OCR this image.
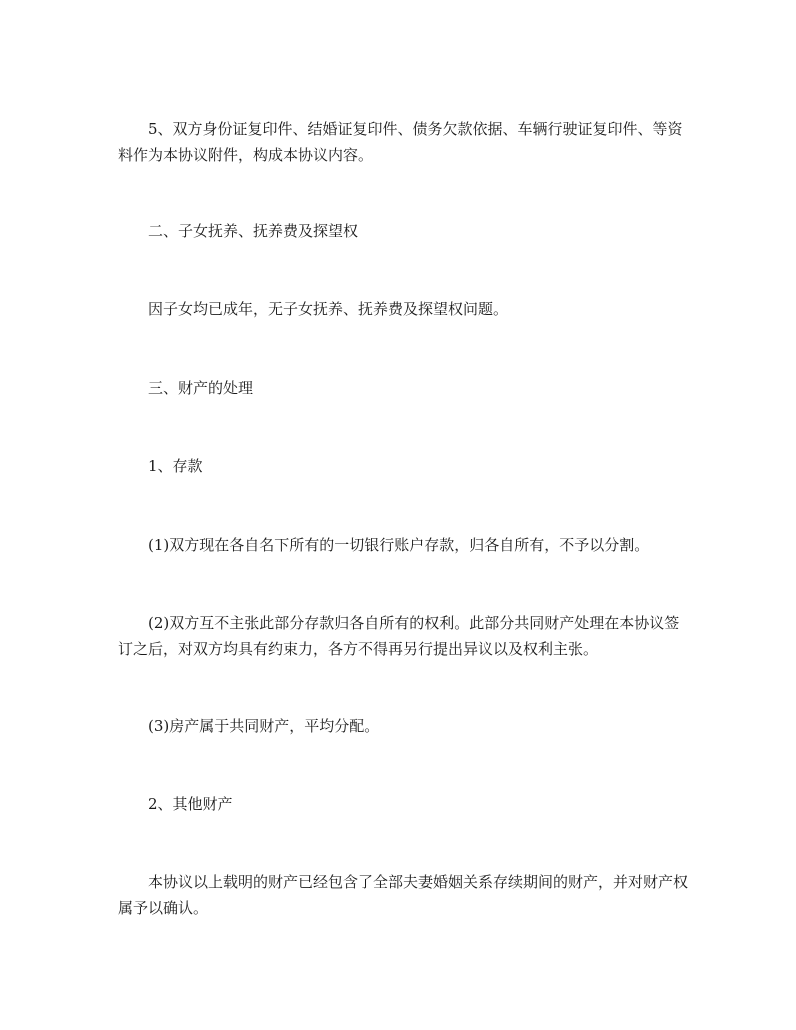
5、双方身份证复印件、结婚证复印件、债务欠款依据、车辆行驶证复印件、等资料作为本协议附件，构成本协议内容。

二、子女抚养、抚养费及探望权

因子女均已成年，无子女抚养、抚养费及探望权问题。

三、财产的处理

1、存款

(1)双方现在各自名下所有的一切银行账户存款，归各自所有，不予以分割。

(2)双方互不主张此部分存款归各自所有的权利。此部分共同财产处理在本协议签订之后，对双方均具有约束力，各方不得再另行提出异议以及权利主张。

(3)房产属于共同财产，平均分配。

2、其他财产

本协议以上载明的财产已经包含了全部夫妻婚姻关系存续期间的财产，并对财产权属予以确认。
